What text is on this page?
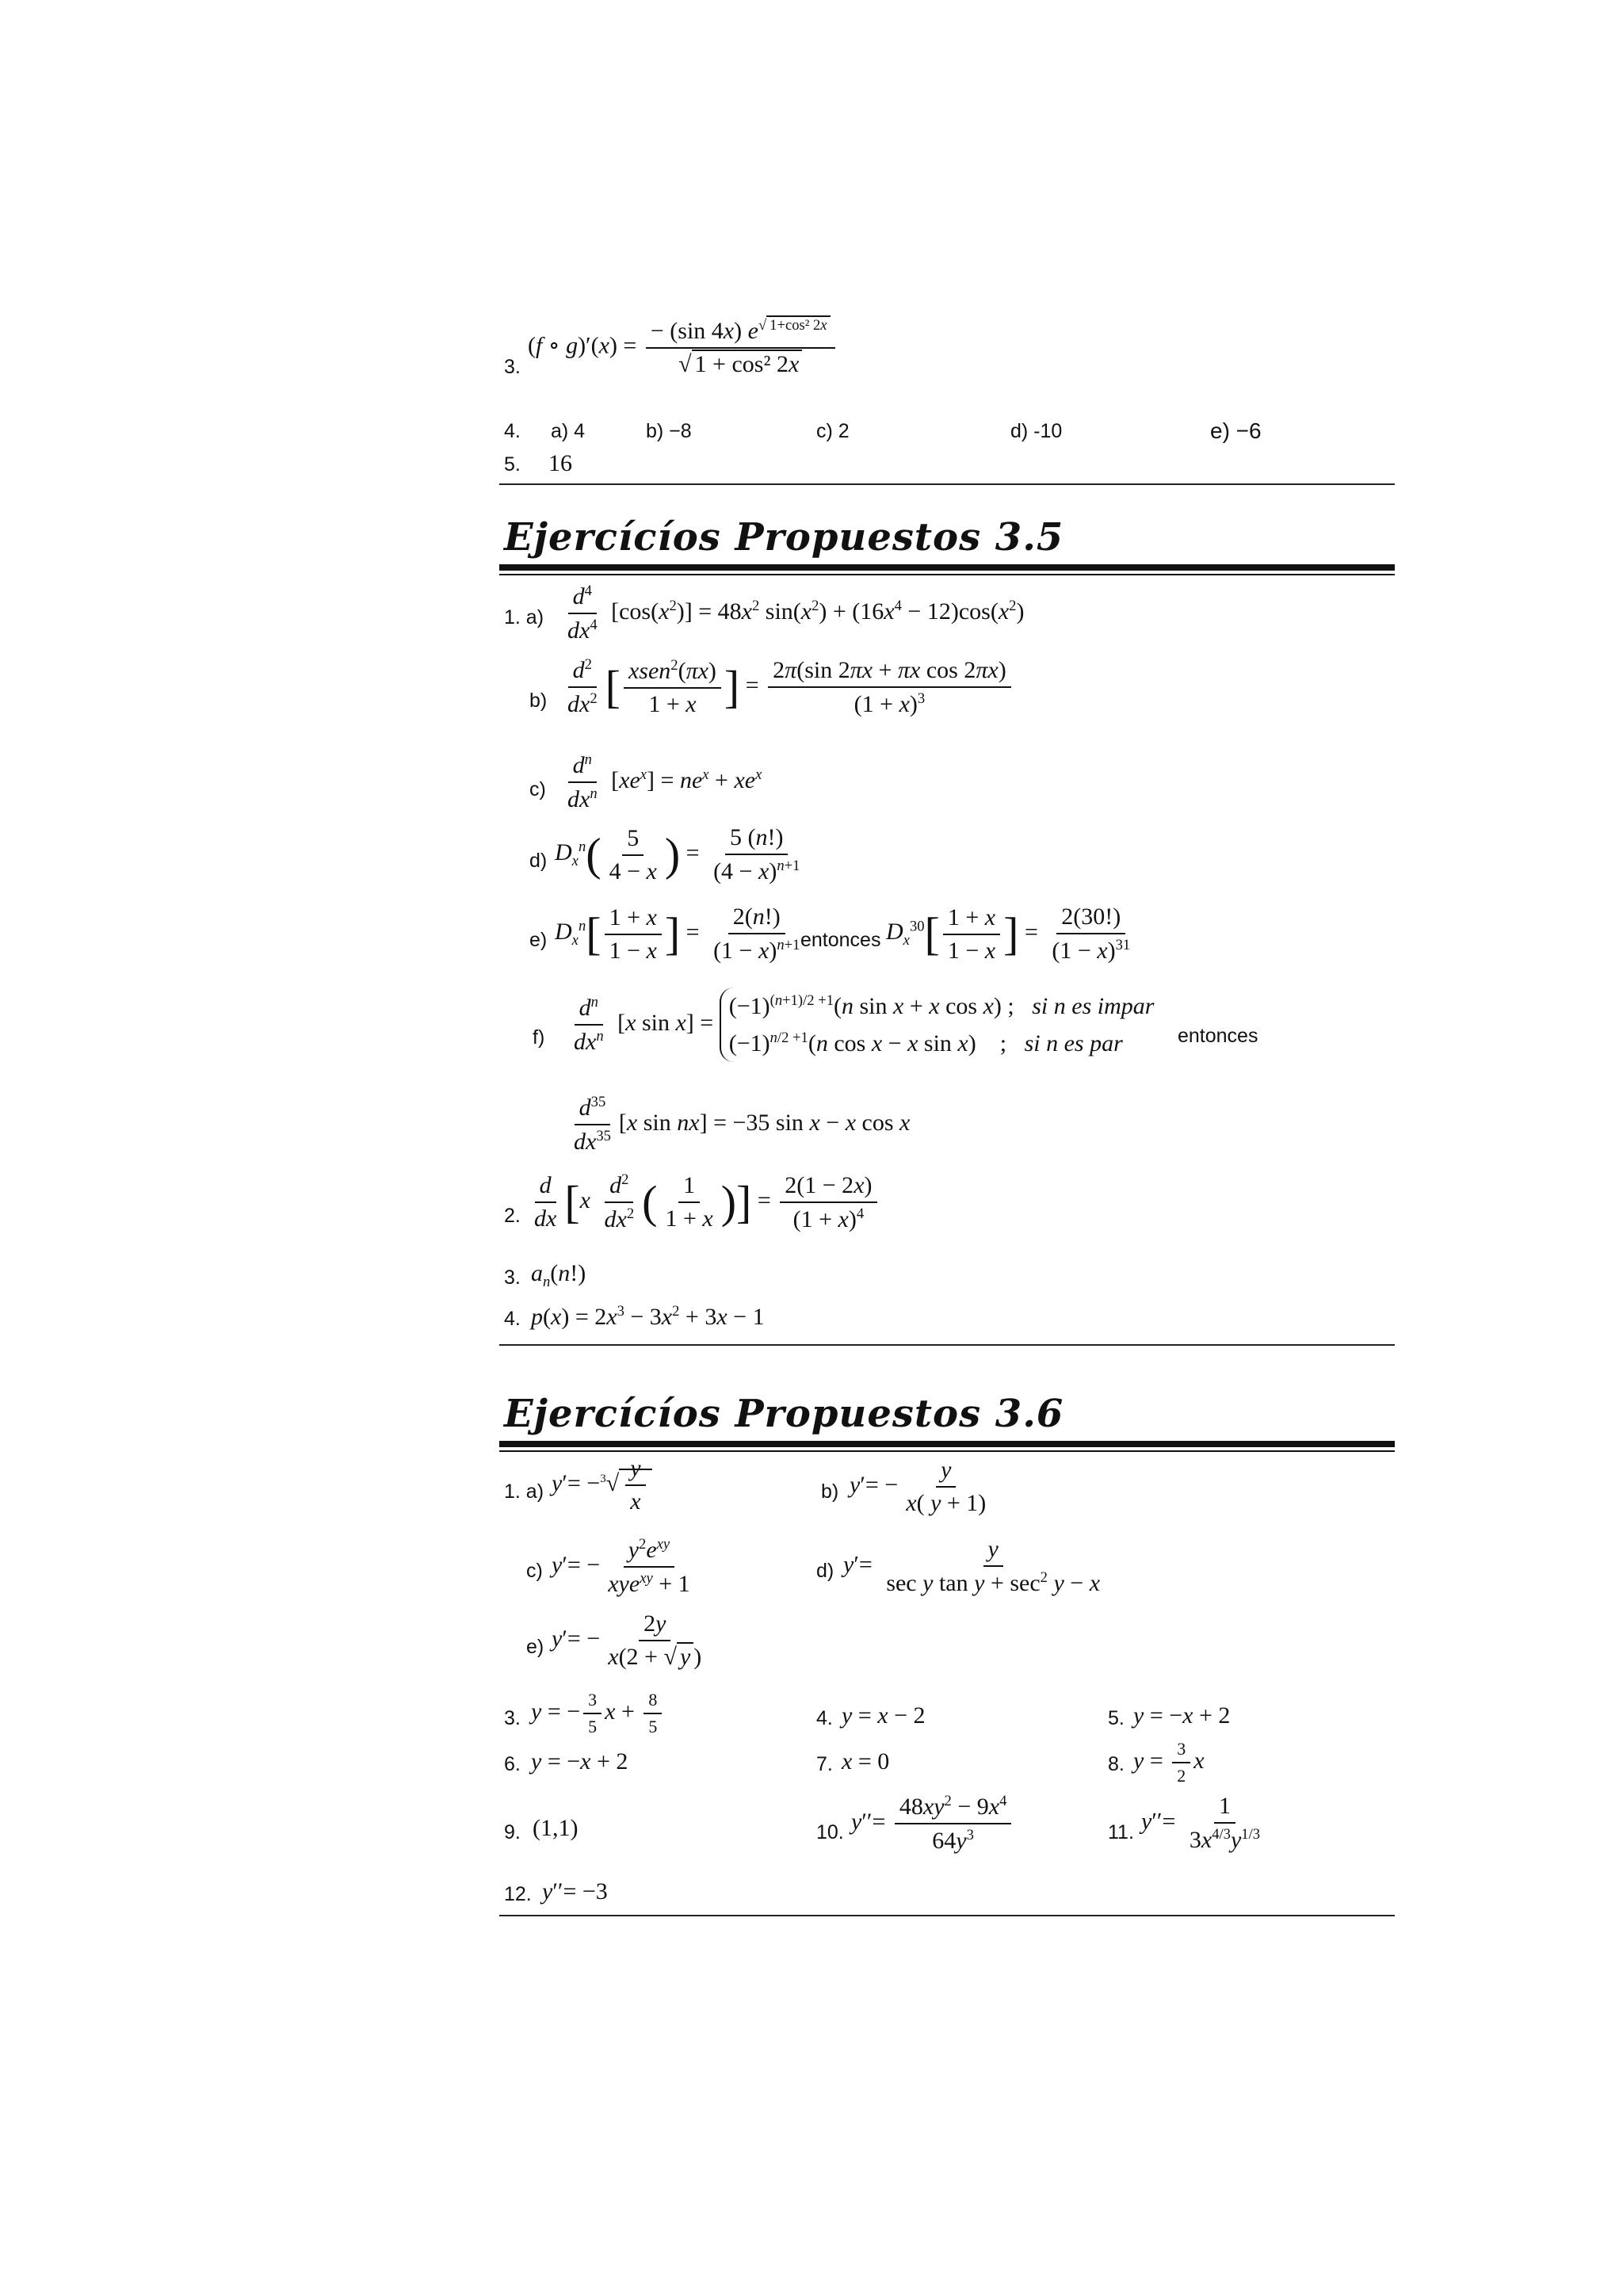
3.
(f ∘ $g)'(x) = \frac{- (\sin 4x) e^{√ 1+cos^2 2x}}{\text{√ 1 + cos² 2x}}$
4. a) 4	b) −8	c) 2	d) -10	e) −6
5. 16
Ejercícíos Propuestos 3.5
1. $a) \frac{d^4}{dx^4} [\cos(x^2)] = 48x^2$ $\sin(x^2) + (16x^4 - 12)\cos(x^2)$
$b) \frac{d^2}{dx^2}$ [ $\frac{xsen^2(\pi x)}{1 + x}$ ] = $\frac{\text{2π(sin 2πx + πx cos 2πx)}}{(1 + x)^3}$
$c) \frac{d^n}{dx^n} [xe^x] = ne^x + xe^x$
d) $D_x^n( \frac{5}{4 - x}$ ) = $\frac{5 (n!)}{(4 - x)^{n+1}}$
e) $D_x^n[ \frac{1 + x}{1 - x}$ ] = $\frac{2(n!)}{(1 - x)^{n+1}}$
entonces $D_x^{30}[ \frac{1 + x}{1 - x}$ ] = $\frac{2(30!)}{(1 - x)^{31}}$
$f) \frac{d^n}{dx^n} [x$ sin x] =
$(-1)^{(n+1)/2 +1}(n$ sin x + x cos x) ;   si n es impar
$(-1)^{n/2 +1}(n$ cos x − x sin x)    ;   si n es par	entonces
$\frac{d^{35}}{dx^{35}} [x$ sin nx] = −35 sin x − x cos x
2. $\frac{d}{dx} [x \frac{d^2}{dx^2}$ ( $\frac{1}{1 + x}$ )] = $\frac{2(1 - 2x)}{(1 + x)^4}$
3. $a_n(n!)$
4. $p(x) = 2x^3 - 3x^2 + 3x - 1$
Ejercícíos Propuestos 3.6
1. a) $y'= -^3√ \frac{y}{x}$	b) $y'= - \frac{y}{x( y + 1)}$
c) $y'= - \frac{y^2e^{xy}}{xye^{xy} + 1}$	d) $y'= \frac{y}{\sec y \tan y + \sec^2 y - x}$
e) $y'= - \frac{2y}{x(2 + √ y )}$
3. y = − $\frac{3}{5}$ $x + \frac{8}{5}$	4. y = x − 2	5. y = −x + 2
6. y = −x + 2	7. x = 0	8. $y = \frac{3}{2}$ x
9. (1,1)	10. $y''= \frac{48xy^2 - 9x^4}{64y^3}$	11. $y''= \frac{1}{3x^{4/3}y^{1/3}}$
12. y′′= −3
